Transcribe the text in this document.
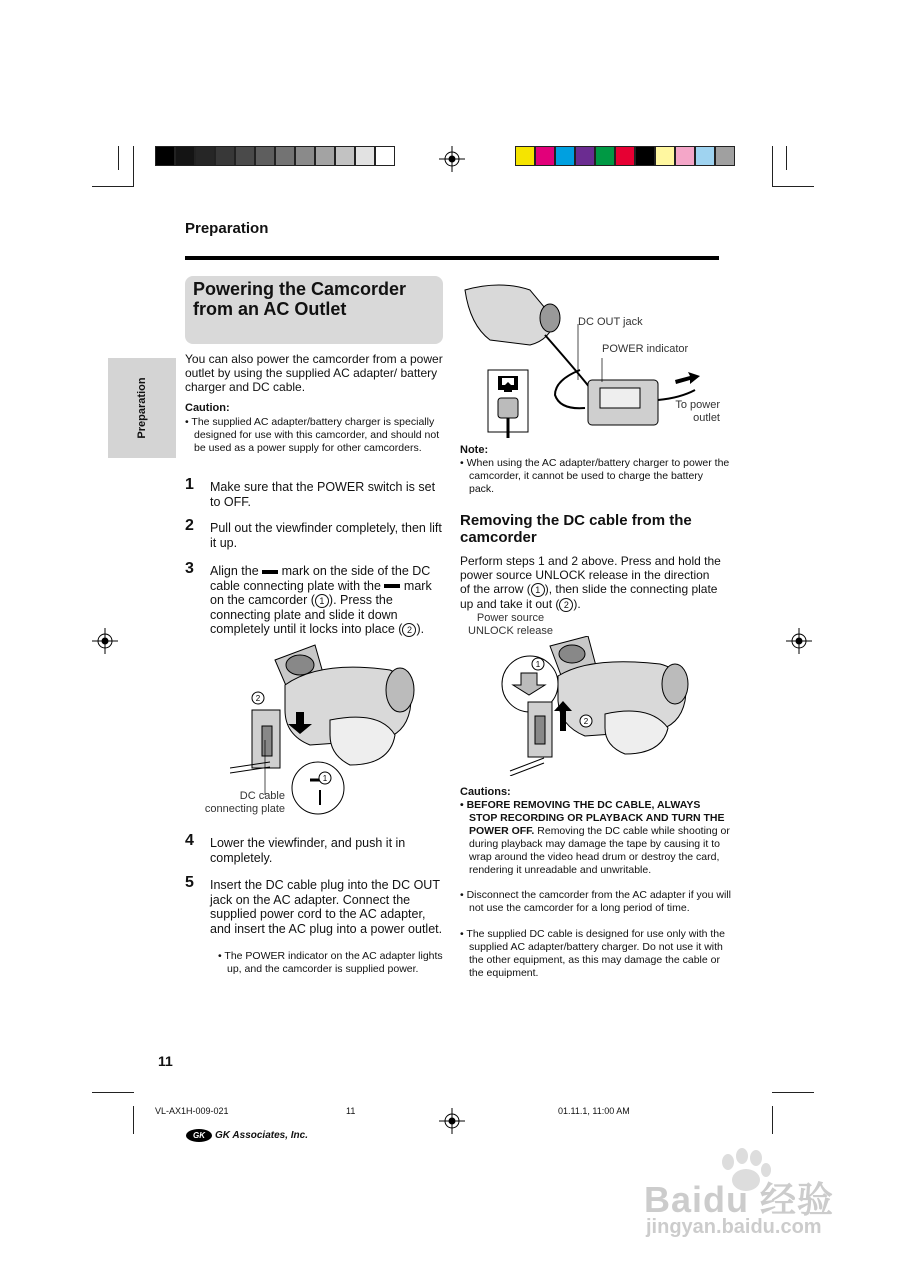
Preparation
Preparation
Powering the Camcorder from an AC Outlet
You can also power the camcorder from a power outlet by using the supplied AC adapter/ battery charger and DC cable.
Caution:
• The supplied AC adapter/battery charger is specially designed for use with this camcorder, and should not be used as a power supply for other camcorders.
1 Make sure that the POWER switch is set to OFF.
2 Pull out the viewfinder completely, then lift it up.
3 Align the mark on the side of the DC cable connecting plate with the mark on the camcorder ( 1 ). Press the connecting plate and slide it down completely until it locks into place ( 2 ).
1
2
DC cable connecting plate
4 Lower the viewfinder, and push it in completely.
5 Insert the DC cable plug into the DC OUT jack on the AC adapter. Connect the supplied power cord to the AC adapter, and insert the AC plug into a power outlet.
• The POWER indicator on the AC adapter lights up, and the camcorder is supplied power.
DC OUT jack
POWER indicator
To power outlet
Note:
• When using the AC adapter/battery charger to power the camcorder, it cannot be used to charge the battery pack.
Removing the DC cable from the camcorder
Perform steps 1 and 2 above. Press and hold the power source UNLOCK release in the direction of the arrow ( 1 ), then slide the connecting plate up and take it out ( 2 ).
Power source UNLOCK release
1
2
Cautions:
• BEFORE REMOVING THE DC CABLE, ALWAYS STOP RECORDING OR PLAYBACK AND TURN THE POWER OFF. Removing the DC cable while shooting or during playback may damage the tape by causing it to wrap around the video head drum or destroy the card, rendering it unreadable and unwritable.
• Disconnect the camcorder from the AC adapter if you will not use the camcorder for a long period of time.
• The supplied DC cable is designed for use only with the supplied AC adapter/battery charger. Do not use it with the other equipment, as this may damage the cable or the equipment.
11
VL-AX1H-009-021	11	01.11.1, 11:00 AM
GK	GK Associates, Inc.
Baidu 经验
jingyan.baidu.com
